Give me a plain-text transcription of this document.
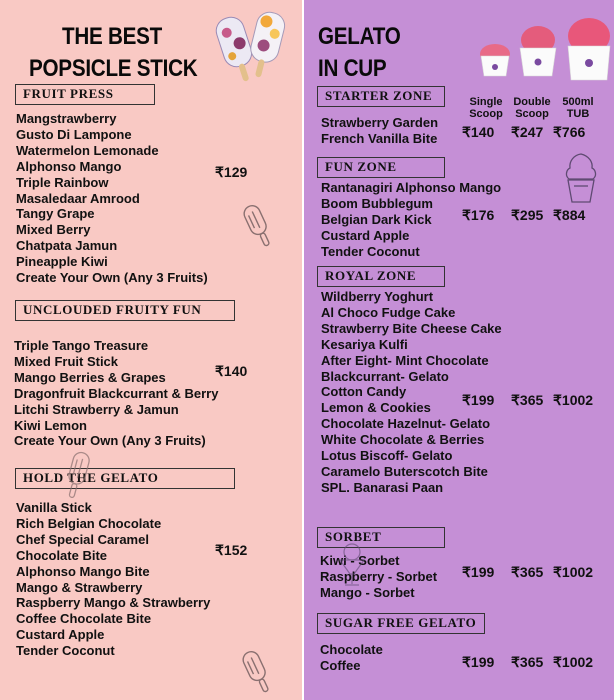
THE BEST
POPSICLE STICK
FRUIT PRESS
Mangstrawberry
Gusto Di Lampone
Watermelon Lemonade
Alphonso Mango
Triple Rainbow
Masaledaar Amrood
Tangy Grape
Mixed Berry
Chatpata Jamun
Pineapple Kiwi
Create Your Own (Any 3 Fruits)
₹129
UNCLOUDED FRUITY FUN
Triple Tango Treasure
Mixed Fruit Stick
Mango Berries & Grapes
Dragonfruit Blackcurrant & Berry
Litchi Strawberry & Jamun
Kiwi Lemon
Create Your Own (Any 3 Fruits)
₹140
HOLD THE GELATO
Vanilla Stick
Rich Belgian Chocolate
Chef Special Caramel
Chocolate Bite
Alphonso Mango Bite
Mango & Strawberry
Raspberry Mango & Strawberry
Coffee Chocolate Bite
Custard Apple
Tender Coconut
₹152
GELATO
IN CUP
Single
Scoop
Double
Scoop
500ml
TUB
STARTER ZONE
Strawberry Garden
French Vanilla Bite ₹140 ₹247 ₹766
FUN ZONE
Rantanagiri Alphonso Mango
Boom Bubblegum
Belgian Dark Kick
Custard Apple
Tender Coconut
₹176 ₹295 ₹884
ROYAL ZONE
Wildberry Yoghurt
Al Choco Fudge Cake
Strawberry Bite Cheese Cake
Kesariya Kulfi
After Eight- Mint Chocolate
Blackcurrant- Gelato
Cotton Candy
Lemon & Cookies
Chocolate Hazelnut- Gelato
White Chocolate & Berries
Lotus Biscoff- Gelato
Caramelo Buterscotch Bite
SPL. Banarasi Paan
₹199 ₹365 ₹1002
SORBET
Kiwi - Sorbet
Raspberry - Sorbet
Mango - Sorbet
₹199 ₹365 ₹1002
SUGAR FREE GELATO
Chocolate
Coffee	₹199 ₹365 ₹1002
